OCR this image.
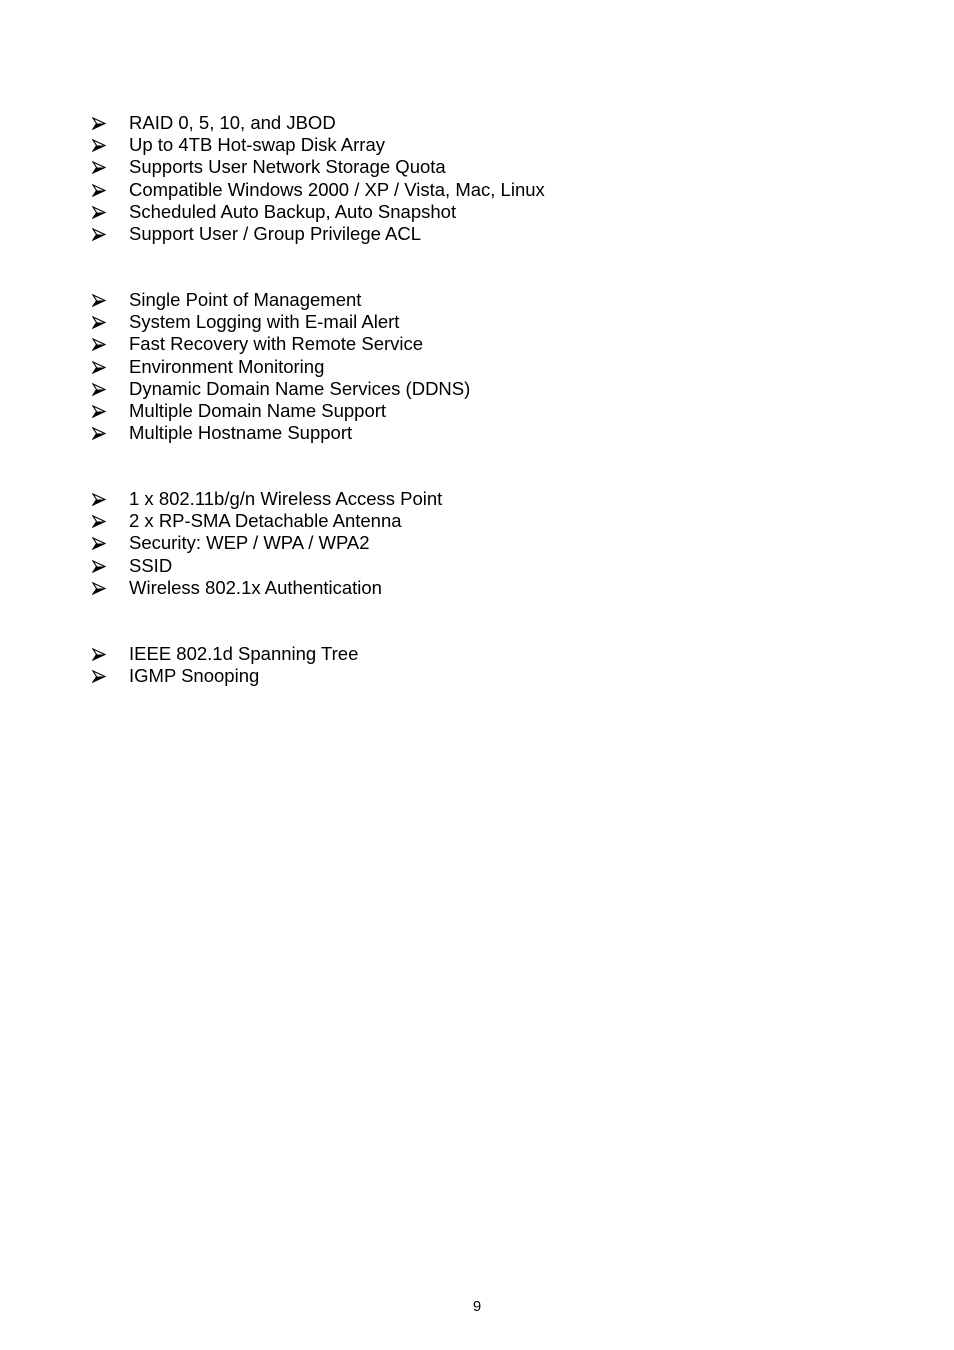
RAID 0, 5, 10, and JBOD
Up to 4TB Hot-swap Disk Array
Supports User Network Storage Quota
Compatible Windows 2000 / XP / Vista, Mac, Linux
Scheduled Auto Backup, Auto Snapshot
Support User / Group Privilege ACL
Single Point of Management
System Logging with E-mail Alert
Fast Recovery with Remote Service
Environment Monitoring
Dynamic Domain Name Services (DDNS)
Multiple Domain Name Support
Multiple Hostname Support
1 x 802.11b/g/n Wireless Access Point
2 x RP-SMA Detachable Antenna
Security: WEP / WPA / WPA2
SSID
Wireless 802.1x Authentication
IEEE 802.1d Spanning Tree
IGMP Snooping
9
